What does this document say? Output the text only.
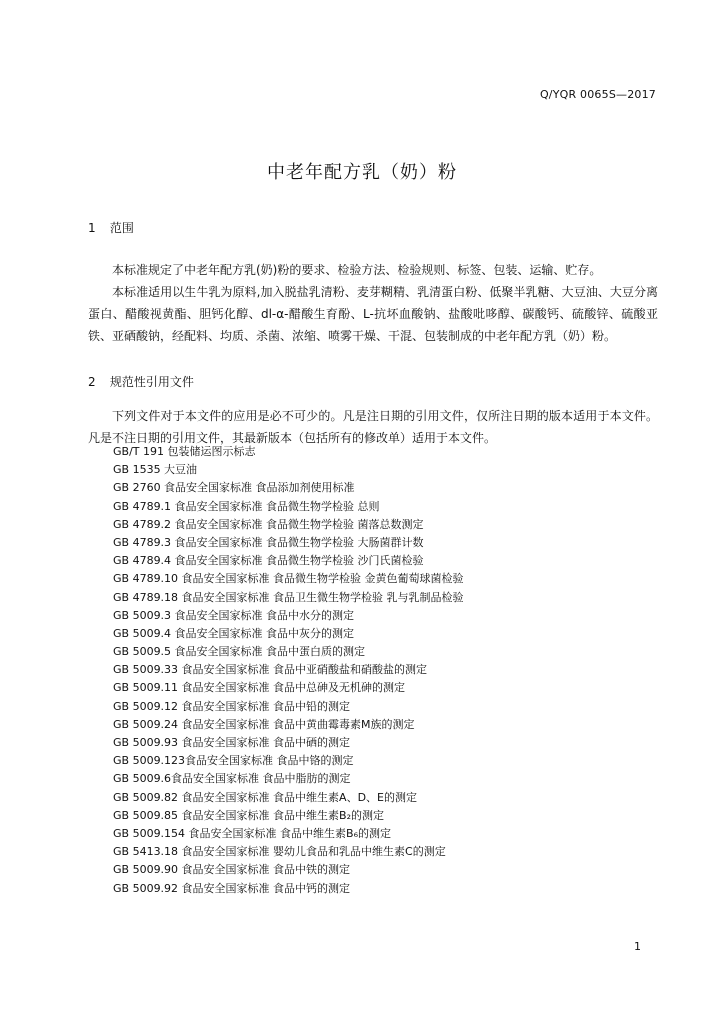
Q/YQR 0065S—2017
中老年配方乳（奶）粉
1 范围
本标准规定了中老年配方乳(奶)粉的要求、检验方法、检验规则、标签、包装、运输、贮存。
本标准适用以生牛乳为原料,加入脱盐乳清粉、麦芽糊精、乳清蛋白粉、低聚半乳糖、大豆油、大豆分离蛋白、醋酸视黄酯、胆钙化醇、dl-α-醋酸生育酚、L-抗坏血酸钠、盐酸吡哆醇、碳酸钙、硫酸锌、硫酸亚铁、亚硒酸钠，经配料、均质、杀菌、浓缩、喷雾干燥、干混、包装制成的中老年配方乳（奶）粉。
2 规范性引用文件
下列文件对于本文件的应用是必不可少的。凡是注日期的引用文件，仅所注日期的版本适用于本文件。凡是不注日期的引用文件，其最新版本（包括所有的修改单）适用于本文件。
GB/T 191 包装储运图示标志
GB 1535 大豆油
GB 2760 食品安全国家标准 食品添加剂使用标准
GB 4789.1 食品安全国家标准 食品微生物学检验 总则
GB 4789.2 食品安全国家标准 食品微生物学检验 菌落总数测定
GB 4789.3 食品安全国家标准 食品微生物学检验 大肠菌群计数
GB 4789.4 食品安全国家标准 食品微生物学检验 沙门氏菌检验
GB 4789.10 食品安全国家标准 食品微生物学检验 金黄色葡萄球菌检验
GB 4789.18 食品安全国家标准 食品卫生微生物学检验 乳与乳制品检验
GB 5009.3 食品安全国家标准 食品中水分的测定
GB 5009.4 食品安全国家标准 食品中灰分的测定
GB 5009.5 食品安全国家标准 食品中蛋白质的测定
GB 5009.33 食品安全国家标准 食品中亚硝酸盐和硝酸盐的测定
GB 5009.11 食品安全国家标准 食品中总砷及无机砷的测定
GB 5009.12 食品安全国家标准 食品中铅的测定
GB 5009.24 食品安全国家标准 食品中黄曲霉毒素M族的测定
GB 5009.93 食品安全国家标准 食品中硒的测定
GB 5009.123食品安全国家标准 食品中铬的测定
GB 5009.6食品安全国家标准 食品中脂肪的测定
GB 5009.82 食品安全国家标准 食品中维生素A、D、E的测定
GB 5009.85 食品安全国家标准 食品中维生素B₂的测定
GB 5009.154 食品安全国家标准 食品中维生素B₆的测定
GB 5413.18 食品安全国家标准 婴幼儿食品和乳品中维生素C的测定
GB 5009.90 食品安全国家标准 食品中铁的测定
GB 5009.92 食品安全国家标准 食品中钙的测定
1
